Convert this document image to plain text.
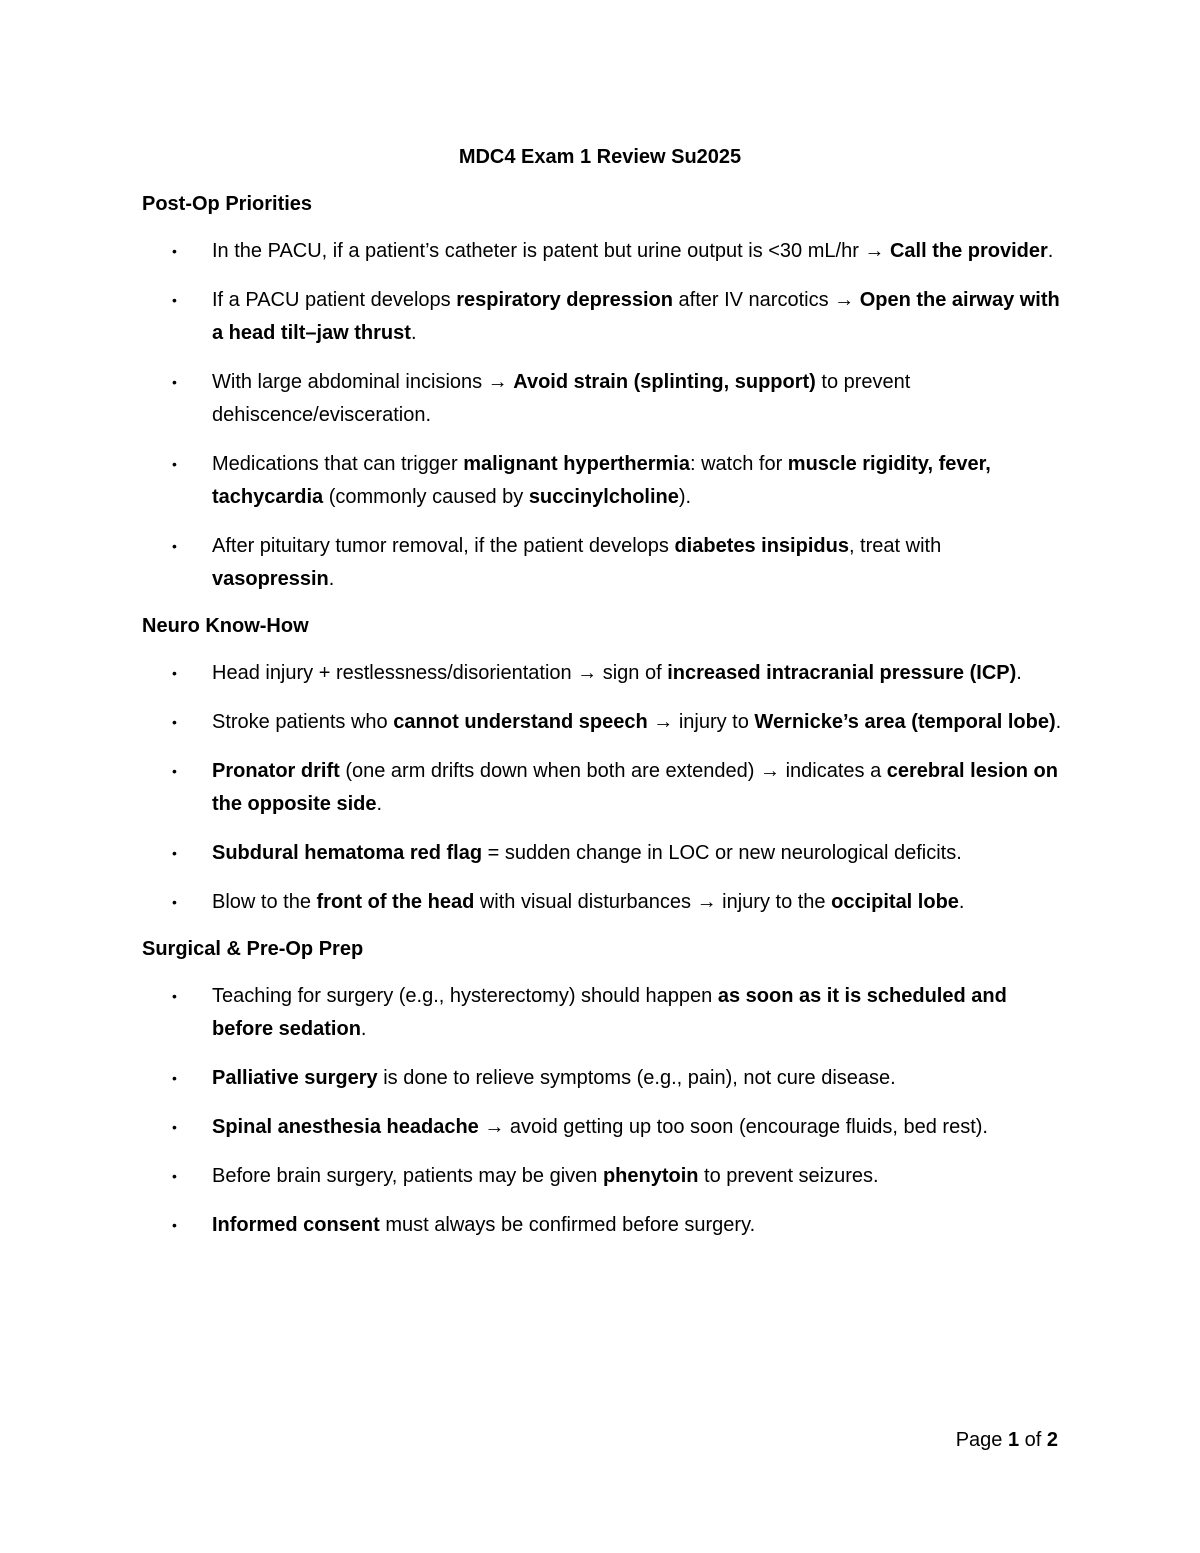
MDC4 Exam 1 Review Su2025
Post-Op Priorities
• In the PACU, if a patient’s catheter is patent but urine output is <30 mL/hr → Call the provider.
• If a PACU patient develops respiratory depression after IV narcotics → Open the airway with a head tilt–jaw thrust.
• With large abdominal incisions → Avoid strain (splinting, support) to prevent dehiscence/evisceration.
• Medications that can trigger malignant hyperthermia: watch for muscle rigidity, fever, tachycardia (commonly caused by succinylcholine).
• After pituitary tumor removal, if the patient develops diabetes insipidus, treat with vasopressin.
Neuro Know-How
• Head injury + restlessness/disorientation → sign of increased intracranial pressure (ICP).
• Stroke patients who cannot understand speech → injury to Wernicke’s area (temporal lobe).
• Pronator drift (one arm drifts down when both are extended) → indicates a cerebral lesion on the opposite side.
• Subdural hematoma red flag = sudden change in LOC or new neurological deficits.
• Blow to the front of the head with visual disturbances → injury to the occipital lobe.
Surgical & Pre-Op Prep
• Teaching for surgery (e.g., hysterectomy) should happen as soon as it is scheduled and before sedation.
• Palliative surgery is done to relieve symptoms (e.g., pain), not cure disease.
• Spinal anesthesia headache → avoid getting up too soon (encourage fluids, bed rest).
• Before brain surgery, patients may be given phenytoin to prevent seizures.
• Informed consent must always be confirmed before surgery.
Page 1 of 2
